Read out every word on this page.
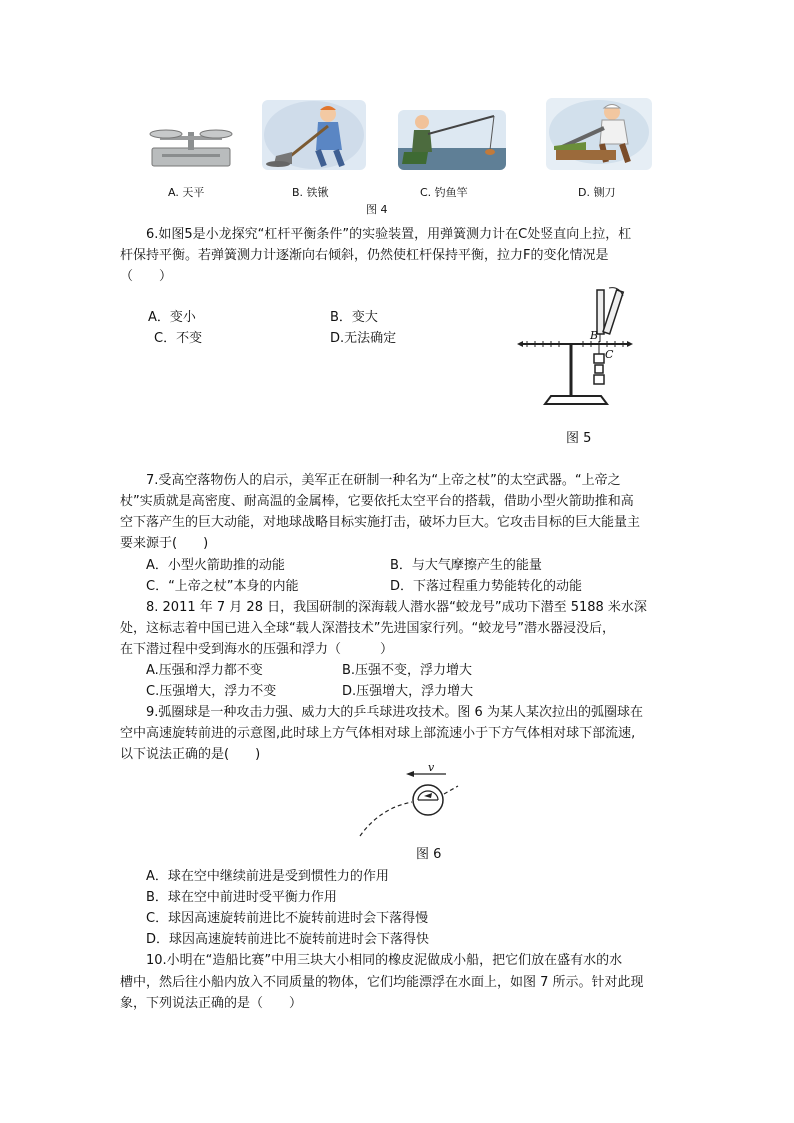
A. 天平	B. 铁锹	C. 钓鱼竿	D. 铡刀
图 4
6.如图5是小龙探究“杠杆平衡条件”的实验装置，用弹簧测力计在C处竖直向上拉，杠
杆保持平衡。若弹簧测力计逐渐向右倾斜，仍然使杠杆保持平衡，拉力F的变化情况是
（　　）
A．变小	B．变大
C．不变	D.无法确定	B
C
图 5
7.受高空落物伤人的启示，美军正在研制一种名为“上帝之杖”的太空武器。“上帝之
杖”实质就是高密度、耐高温的金属棒，它要依托太空平台的搭载，借助小型火箭助推和高
空下落产生的巨大动能，对地球战略目标实施打击，破坏力巨大。它攻击目标的巨大能量主
要来源于(　　)
A．小型火箭助推的动能	B．与大气摩擦产生的能量
C．“上帝之杖”本身的内能	D．下落过程重力势能转化的动能
8. 2011 年 7 月 28 日，我国研制的深海载人潜水器“蛟龙号”成功下潜至 5188 米水深
处，这标志着中国已进入全球“载人深潜技术”先进国家行列。“蛟龙号”潜水器浸没后，
在下潜过程中受到海水的压强和浮力（　　　）
A.压强和浮力都不变	B.压强不变，浮力增大
C.压强增大，浮力不变	D.压强增大，浮力增大
9.弧圈球是一种攻击力强、威力大的乒乓球进攻技术。图 6 为某人某次拉出的弧圈球在
空中高速旋转前进的示意图,此时球上方气体相对球上部流速小于下方气体相对球下部流速,
以下说法正确的是(　　)
v
图 6
A．球在空中继续前进是受到惯性力的作用
B．球在空中前进时受平衡力作用
C．球因高速旋转前进比不旋转前进时会下落得慢
D．球因高速旋转前进比不旋转前进时会下落得快
10.小明在“造船比赛”中用三块大小相同的橡皮泥做成小船，把它们放在盛有水的水
槽中，然后往小船内放入不同质量的物体，它们均能漂浮在水面上，如图 7 所示。针对此现
象，下列说法正确的是（　　）
